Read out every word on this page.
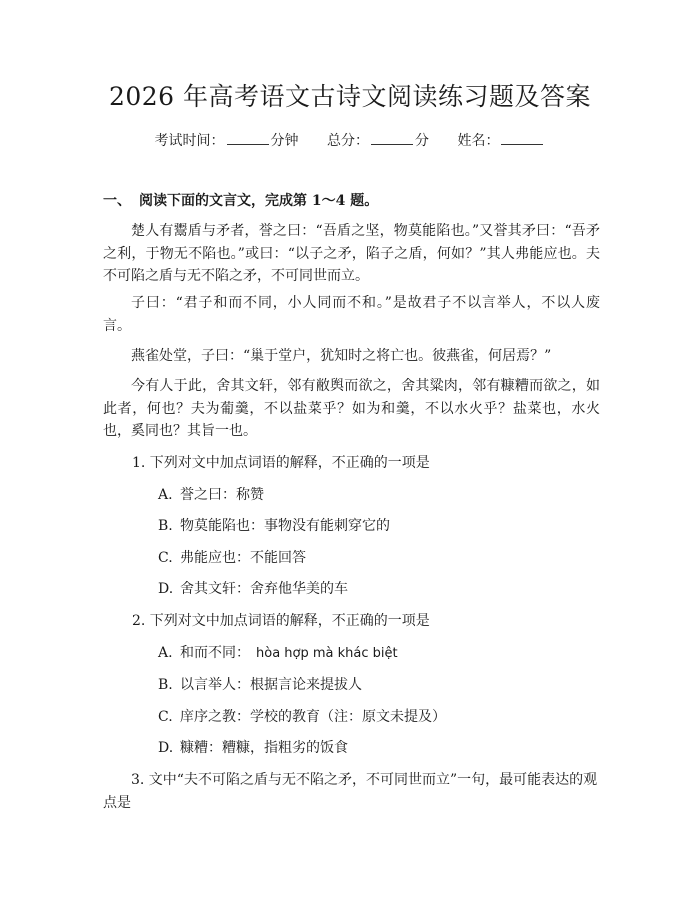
2026 年高考语文古诗文阅读练习题及答案
考试时间：	分钟 总分：	分 姓名：
一、 阅读下面的文言文，完成第 1～4 题。
楚人有鬻盾与矛者，誉之曰：“吾盾之坚，物莫能陷也。”又誉其矛曰：“吾矛之利，于物无不陷也。”或曰：“以子之矛，陷子之盾，何如？”其人弗能应也。夫不可陷之盾与无不陷之矛，不可同世而立。
子曰：“君子和而不同，小人同而不和。”是故君子不以言举人，不以人废言。
燕雀处堂，子曰：“巢于堂户，犹知时之将亡也。彼燕雀，何居焉？”
今有人于此，舍其文轩，邻有敝舆而欲之，舍其粱肉，邻有糠糟而欲之，如此者，何也？夫为葡羹，不以盐菜乎？如为和羹，不以水火乎？盐菜也，水火也，奚同也？其旨一也。
1. 下列对文中加点词语的解释，不正确的一项是
A. 誉之曰：称赞
B. 物莫能陷也：事物没有能刺穿它的
C. 弗能应也：不能回答
D. 舍其文轩：舍弃他华美的车
2. 下列对文中加点词语的解释，不正确的一项是
A. 和而不同： hòa hợp mà khác biệt
B. 以言举人：根据言论来提拔人
C. 庠序之教：学校的教育（注：原文未提及）
D. 糠糟：糟糠，指粗劣的饭食
3. 文中“夫不可陷之盾与无不陷之矛，不可同世而立”一句，最可能表达的观点是
